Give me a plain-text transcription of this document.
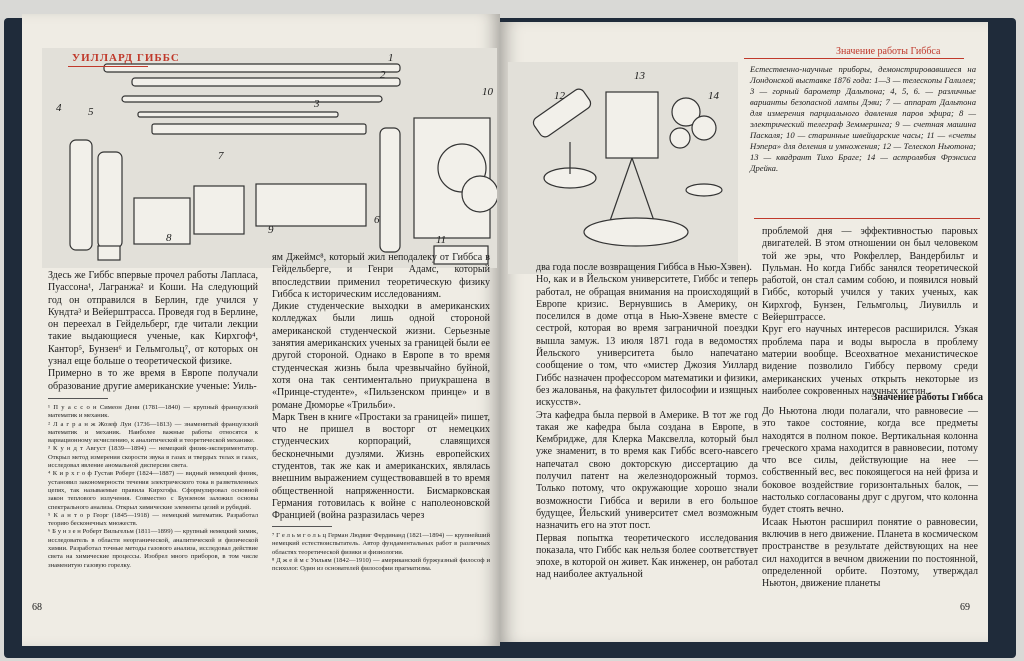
УИЛЛАРД ГИББС	1
2
3
4 5
6
7
8
9
10
11
Здесь же Гиббс впервые прочел работы Лапласа, Пуассона¹, Лагранжа² и Коши. На следующий год он отправился в Берлин, где учился у Кундта³ и Вейерштрасса. Проведя год в Берлине, он переехал в Гейдельберг, где читали лекции такие выдающиеся ученые, как Кирхгоф⁴, Кантор⁵, Бунзен⁶ и Гельмгольц⁷, от которых он узнал еще больше о теоретической физике.
Примерно в то же время в Европе получали образование другие американские ученые: Уиль-
ям Джеймс⁸, который жил неподалеку от Гиббса в Гейдельберге, и Генри Адамс, который впоследствии применил теоретическую физику Гиббса к историческим исследованиям.
Дикие студенческие выходки в американских колледжах были лишь одной стороной американской студенческой жизни. Серьезные занятия американских ученых за границей были ее другой стороной. Однако в Европе в то время студенческая жизнь была чрезвычайно буйной, хотя она так сентиментально приукрашена в «Принце-студенте», «Пильзенском принце» и в романе Дюморье «Трильби».
Марк Твен в книге «Простаки за границей» пишет, что не пришел в восторг от немецких студенческих корпораций, славящихся бесконечными дуэлями. Жизнь европейских студентов, так же как и американских, являлась внешним выражением существовавшей в то время общественной напряженности. Бисмарковская Германия готовилась к войне с наполеоновской Францией (война разразилась через
¹ П у а с с о н Симеон Дени (1781—1840) — крупный французский математик и механик.
² Л а г р а н ж Жозеф Луи (1736—1813) — знаменитый французский математик и механик. Наиболее важные работы относятся к вариационному исчислению, к аналитической и теоретической механике.
³ К у н д т Август (1839—1894) — немецкий физик-экспериментатор. Открыл метод измерения скорости звука в газах и твердых телах и газах, исследовал явление аномальной дисперсии света.
⁴ К и р х г о ф Густав Роберт (1824—1887) — видный немецкий физик, установил закономерности течения электрического тока в разветвленных цепях, так называемые правила Кирхгофа. Сформулировал основной закон теплового излучения. Совместно с Бунзеном заложил основы спектрального анализа. Открыл химические элементы цезий и рубидий.
⁵ К а н т о р Георг (1845—1918) — немецкий математик. Разработал теорию бесконечных множеств.
⁶ Б у н з е н Роберт Вильгельм (1811—1899) — крупный немецкий химик, исследователь в области неорганической, аналитической и физической химии. Разработал точные методы газового анализа, исследовал действие света на химические процессы. Изобрел много приборов, в том числе знаменитую газовую горелку.
⁷ Г е л ь м г о л ь ц Герман Людвиг Фердинанд (1821—1894) — крупнейший немецкий естествоиспытатель. Автор фундаментальных работ в различных областях теоретической физики и физиологии.
⁸ Д ж е й м с Уильям (1842—1910) — американский буржуазный философ и психолог. Один из основателей философии прагматизма.
68
12
13
14
Значение работы Гиббса
Естественно-научные приборы, демонстрировавшиеся на Лондонской выставке 1876 года: 1—3 — телескопы Галилея; 3 — горный барометр Дальтона; 4, 5, 6. — различные варианты безопасной лампы Дэви; 7 — аппарат Дальтона для измерения парциального давления паров эфира; 8 — электрический телеграф Земмеринга; 9 — счетная машина Паскаля; 10 — старинные швейцарские часы; 11 — «счеты Нэпера» для деления и умножения; 12 — Телескоп Ньютона; 13 — квадрант Тихо Браге; 14 — астролябия Фрэнсиса Дрейка.
два года после возвращения Гиббса в Нью-Хэвен).
Но, как и в Йельском университете, Гиббс и теперь работал, не обращая внимания на происходящий в Европе кризис. Вернувшись в Америку, он поселился в доме отца в Нью-Хэвене вместе с сестрой, которая во время заграничной поездки вышла замуж. 13 июля 1871 года в ведомостях Йельского университета было напечатано сообщение о том, что «мистер Джозия Уиллард Гиббс назначен профессором математики и физики, без жалованья, на факультет философии и изящных искусств».
Эта кафедра была первой в Америке. В тот же год такая же кафедра была создана в Европе, в Кембридже, для Клерка Максвелла, который был уже знаменит, в то время как Гиббс всего-навсего напечатал свою докторскую диссертацию да получил патент на железнодорожный тормоз. Только потому, что окружающие хорошо знали возможности Гиббса и верили в его большое будущее, Йельский университет смел возможным назначить его на этот пост.
Первая попытка теоретического исследования показала, что Гиббс как нельзя более соответствует эпохе, в которой он живет. Как инженер, он работал над наиболее актуальной
проблемой дня — эффективностью паровых двигателей. В этом отношении он был человеком той же эры, что Рокфеллер, Вандербильт и Пульман. Но когда Гиббс занялся теоретической работой, он стал самим собою, и появился новый Гиббс, который учился у таких ученых, как Кирхгоф, Бунзен, Гельмгольц, Лиувилль и Вейерштрассе.
Круг его научных интересов расширился. Узкая проблема пара и воды выросла в проблему материи вообще. Всеохватное механистическое видение позволило Гиббсу первому среди американских ученых открыть некоторые из наиболее сокровенных научных истин.
Значение работы Гиббса
До Ньютона люди полагали, что равновесие — это такое состояние, когда все предметы находятся в полном покое. Вертикальная колонна греческого храма находится в равновесии, потому что все силы, действующие на нее — собственный вес, вес покоящегося на ней фриза и боковое воздействие горизонтальных балок, — настолько согласованы друг с другом, что колонна будет стоять вечно.
Исаак Ньютон расширил понятие о равновесии, включив в него движение. Планета в космическом пространстве в результате действующих на нее сил находится в вечном движении по постоянной, определенной орбите. Поэтому, утверждал Ньютон, движение планеты
69
